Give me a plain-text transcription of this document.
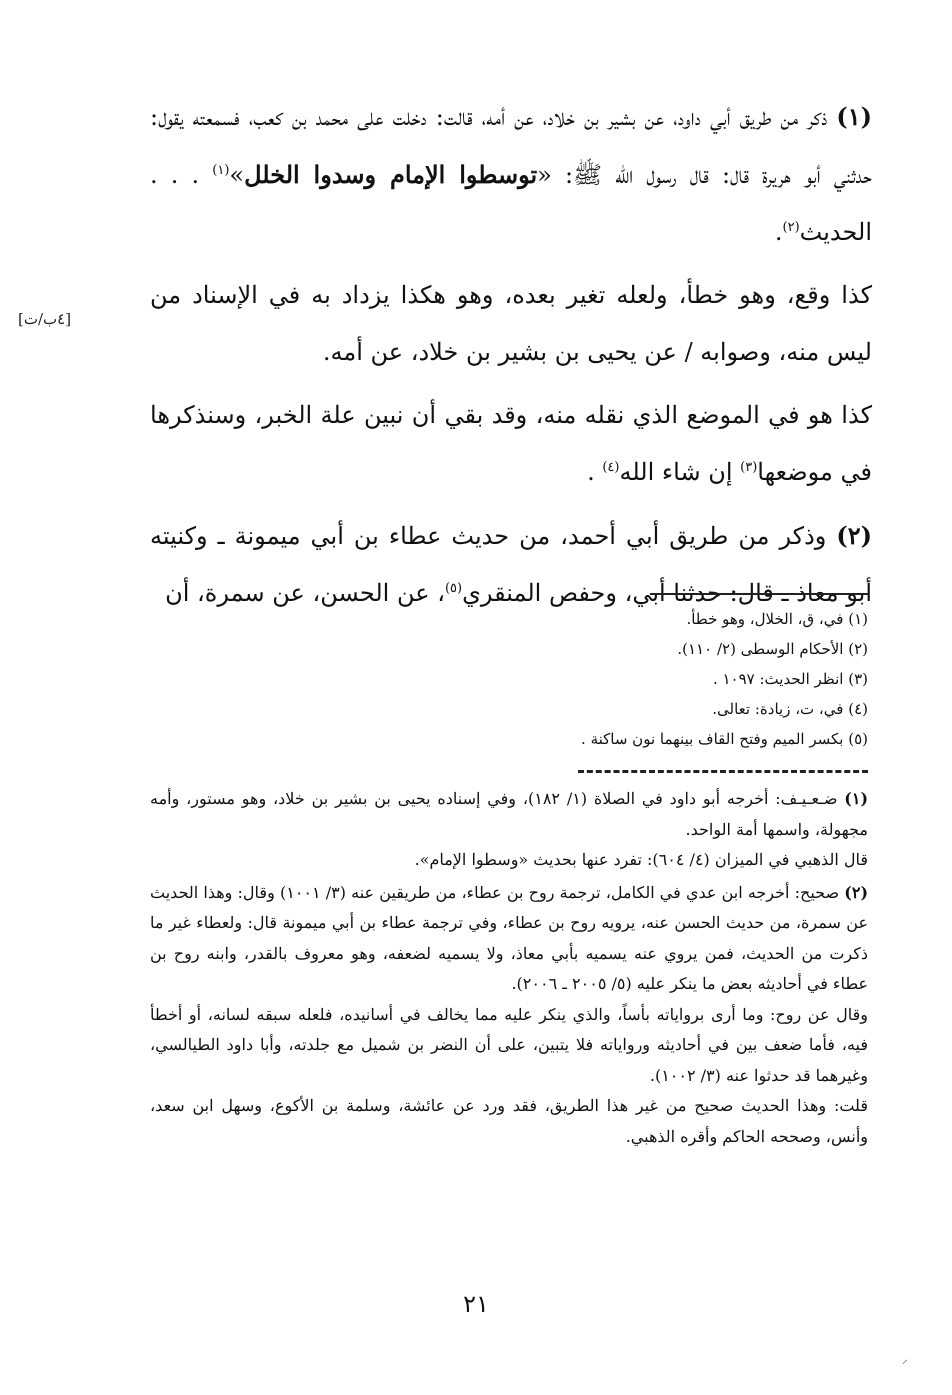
[٤ب/ت]

(١) ذكر من طريق أبي داود، عن بشير بن خلاد، عن أمه، قالت: دخلت على محمد بن كعب، فسمعته يقول: حدثني أبو هريرة قال: قال رسول الله ﷺ: «توسطوا الإمام وسدوا الخلل»$^{(١)}$ . . . الحديث$^{(٢)}$.

كذا وقع، وهو خطأ، ولعله تغير بعده، وهو هكذا يزداد به في الإسناد من ليس منه، وصوابه / عن يحيى بن بشير بن خلاد، عن أمه.

كذا هو في الموضع الذي نقله منه، وقد بقي أن نبين علة الخبر، وسنذكرها في موضعها$^{(٣)}$ إن شاء الله$^{(٤)}$ .

(٢) وذكر من طريق أبي أحمد، من حديث عطاء بن أبي ميمونة ـ وكنيته أبو معاذ ـ قال: حدثنا أبي، وحفص المنقري$^{(٥)}$، عن الحسن، عن سمرة، أن

(١) في، ق، الخلال، وهو خطأ.
(٢) الأحكام الوسطى (٢/ ١١٠).
(٣) انظر الحديث: ١٠٩٧ .
(٤) في، ت، زيادة: تعالى.
(٥) بكسر الميم وفتح القاف بينهما نون ساكنة .
(١) ضـعـيـف: أخرجه أبو داود في الصلاة (١/ ١٨٢)، وفي إسناده يحيى بن بشير بن خلاد، وهو مستور، وأمه مجهولة، واسمها أمة الواحد.
قال الذهبي في الميزان (٤/ ٦٠٤): تفرد عنها بحديث «وسطوا الإمام».
(٢) صحيح: أخرجه ابن عدي في الكامل، ترجمة روح بن عطاء، من طريقين عنه (٣/ ١٠٠١) وقال: وهذا الحديث عن سمرة، من حديث الحسن عنه، يرويه روح بن عطاء، وفي ترجمة عطاء بن أبي ميمونة قال: ولعطاء غير ما ذكرت من الحديث، فمن يروي عنه يسميه بأبي معاذ، ولا يسميه لضعفه، وهو معروف بالقدر، وابنه روح بن عطاء في أحاديثه بعض ما ينكر عليه (٥/ ٢٠٠٥ ـ ٢٠٠٦).
وقال عن روح: وما أرى برواياته بأساً، والذي ينكر عليه مما يخالف في أسانيده، فلعله سبقه لسانه، أو أخطأ فيه، فأما ضعف بين في أحاديثه ورواياته فلا يتبين، على أن النضر بن شميل مع جلدته، وأبا داود الطيالسي، وغيرهما قد حدثوا عنه (٣/ ١٠٠٢).
قلت: وهذا الحديث صحيح من غير هذا الطريق، فقد ورد عن عائشة، وسلمة بن الأكوع، وسهل ابن سعد، وأنس، وصححه الحاكم وأقره الذهبي.
٢١
⸝
